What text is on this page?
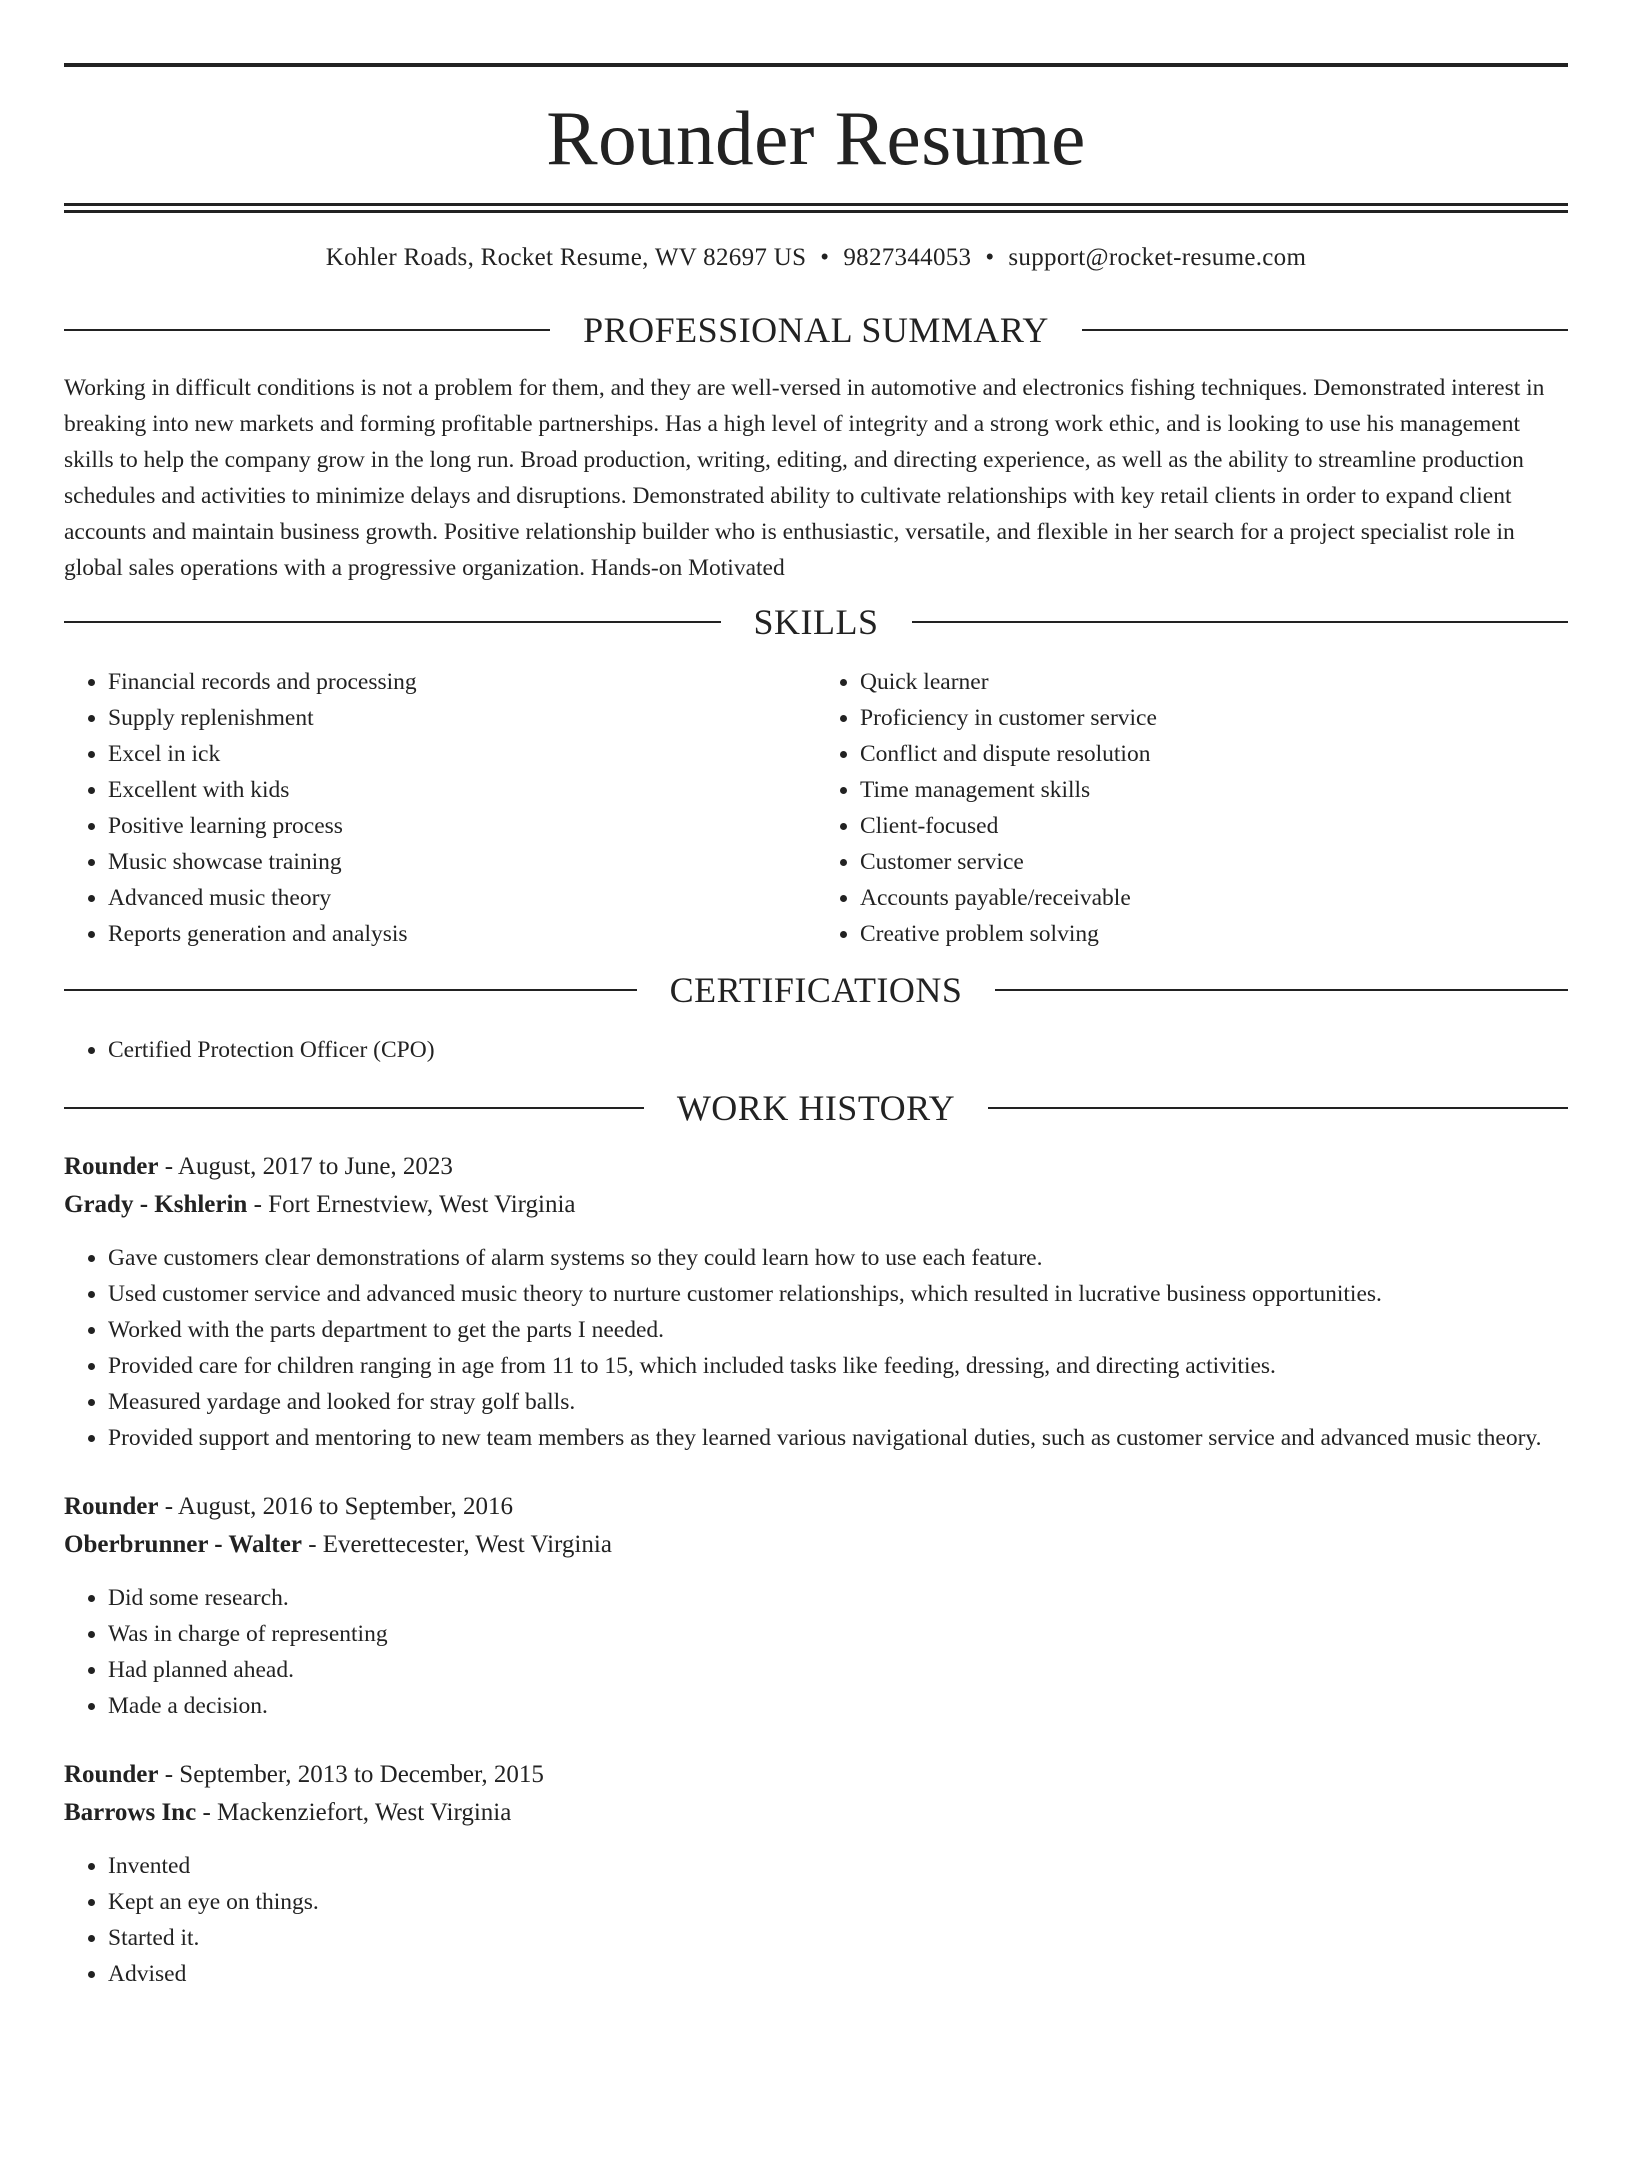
Rounder Resume
Kohler Roads, Rocket Resume, WV 82697 US • 9827344053 • support@rocket-resume.com
PROFESSIONAL SUMMARY

Working in difficult conditions is not a problem for them, and they are well-versed in automotive and electronics fishing techniques. Demonstrated interest in breaking into new markets and forming profitable partnerships. Has a high level of integrity and a strong work ethic, and is looking to use his management skills to help the company grow in the long run. Broad production, writing, editing, and directing experience, as well as the ability to streamline production schedules and activities to minimize delays and disruptions. Demonstrated ability to cultivate relationships with key retail clients in order to expand client accounts and maintain business growth. Positive relationship builder who is enthusiastic, versatile, and flexible in her search for a project specialist role in global sales operations with a progressive organization. Hands-on Motivated

SKILLS
• Financial records and processing
• Supply replenishment
• Excel in ick
• Excellent with kids
• Positive learning process
• Music showcase training
• Advanced music theory
• Reports generation and analysis
• Quick learner
• Proficiency in customer service
• Conflict and dispute resolution
• Time management skills
• Client-focused
• Customer service
• Accounts payable/receivable
• Creative problem solving
CERTIFICATIONS
• Certified Protection Officer (CPO)
WORK HISTORY

Rounder - August, 2017 to June, 2023

Grady - Kshlerin - Fort Ernestview, West Virginia

• Gave customers clear demonstrations of alarm systems so they could learn how to use each feature.
• Used customer service and advanced music theory to nurture customer relationships, which resulted in lucrative business opportunities.
• Worked with the parts department to get the parts I needed.
• Provided care for children ranging in age from 11 to 15, which included tasks like feeding, dressing, and directing activities.
• Measured yardage and looked for stray golf balls.
• Provided support and mentoring to new team members as they learned various navigational duties, such as customer service and advanced music theory.

Rounder - August, 2016 to September, 2016

Oberbrunner - Walter - Everettecester, West Virginia

• Did some research.
• Was in charge of representing
• Had planned ahead.
• Made a decision.

Rounder - September, 2013 to December, 2015

Barrows Inc - Mackenziefort, West Virginia

• Invented
• Kept an eye on things.
• Started it.
• Advised
